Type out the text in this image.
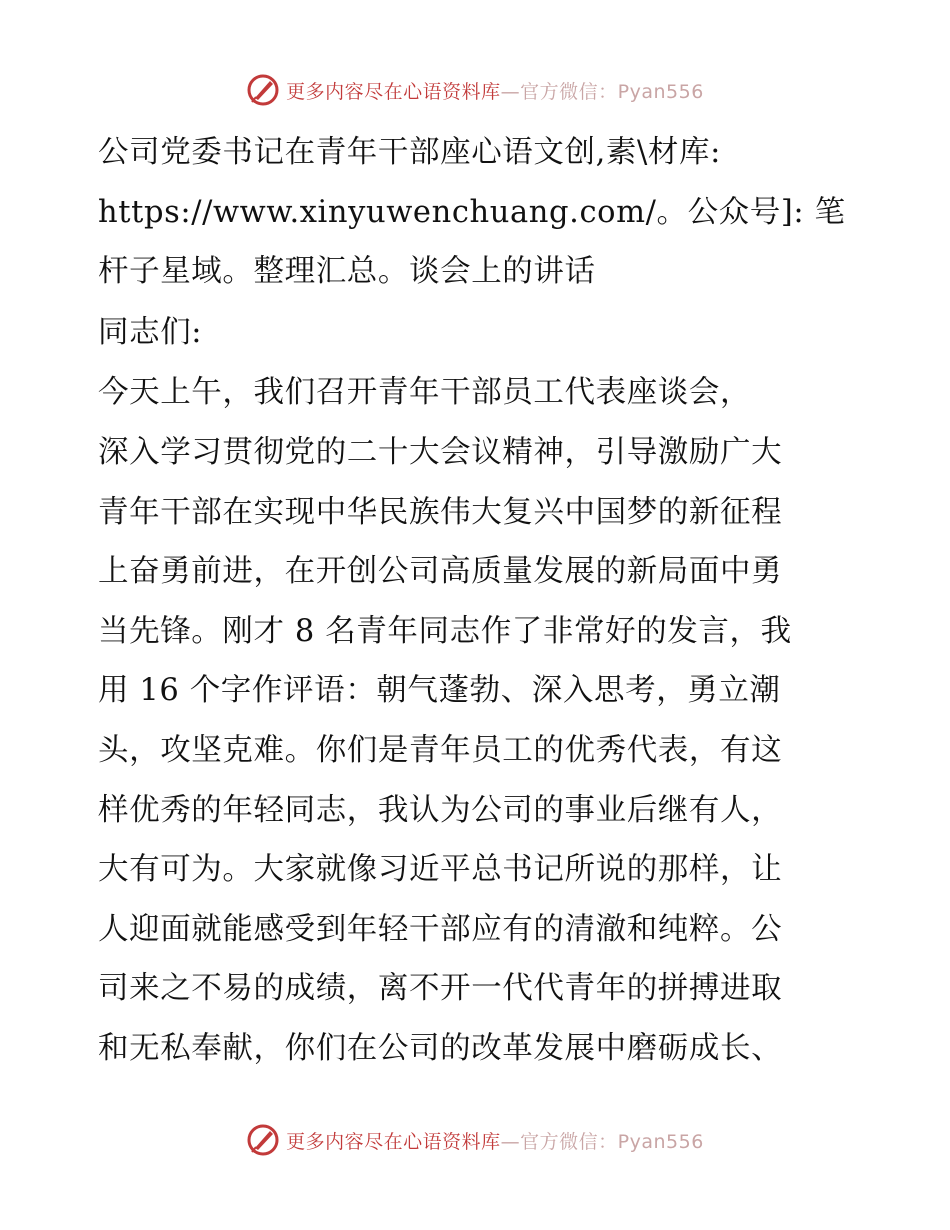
更多内容尽在心语资料库—官方微信：Pyan556

公司党委书记在青年干部座心语文创,素\材库:
https://www.xinyuwenchuang.com/。公众号]: 笔
杆子星域。整理汇总。谈会上的讲话

同志们:

今天上午，我们召开青年干部员工代表座谈会，
深入学习贯彻党的二十大会议精神，引导激励广大
青年干部在实现中华民族伟大复兴中国梦的新征程
上奋勇前进，在开创公司高质量发展的新局面中勇
当先锋。刚才 8 名青年同志作了非常好的发言，我
用 16 个字作评语：朝气蓬勃、深入思考，勇立潮
头，攻坚克难。你们是青年员工的优秀代表，有这
样优秀的年轻同志，我认为公司的事业后继有人，
大有可为。大家就像习近平总书记所说的那样，让
人迎面就能感受到年轻干部应有的清澈和纯粹。公
司来之不易的成绩，离不开一代代青年的拼搏进取
和无私奉献，你们在公司的改革发展中磨砺成长、

更多内容尽在心语资料库—官方微信：Pyan556
